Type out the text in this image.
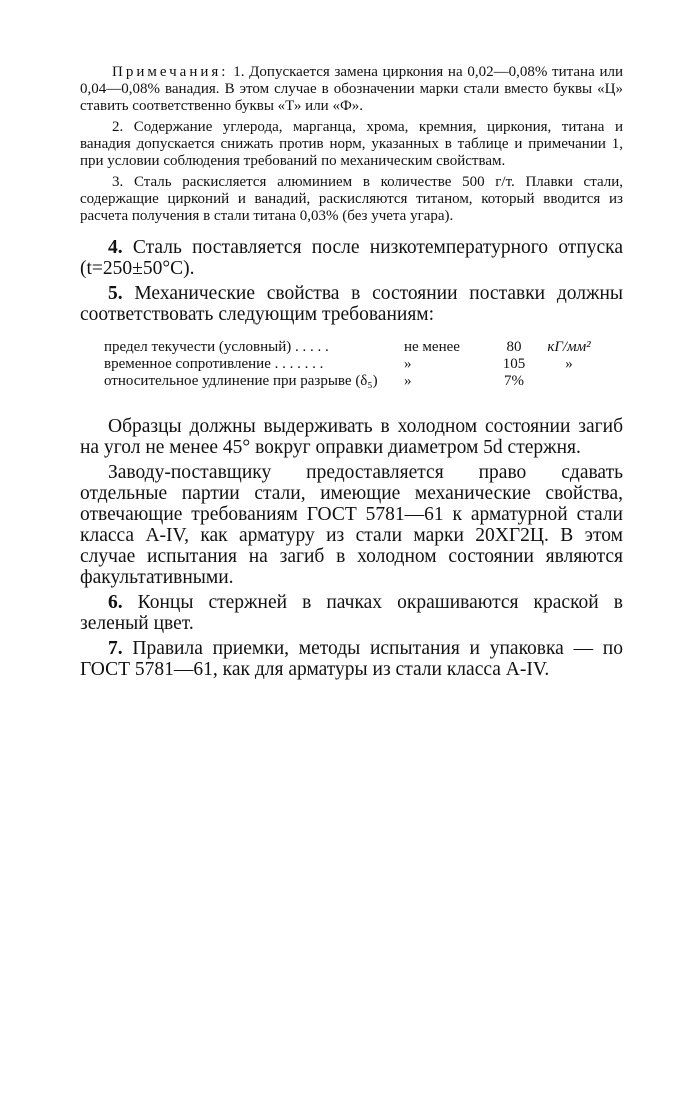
Примечания: 1. Допускается замена циркония на 0,02—0,08% титана или 0,04—0,08% ванадия. В этом случае в обозначении марки стали вместо буквы «Ц» ставить соответственно буквы «Т» или «Ф».

2. Содержание углерода, марганца, хрома, кремния, циркония, титана и ванадия допускается снижать против норм, указанных в таблице и примечании 1, при условии соблюдения требований по механическим свойствам.

3. Сталь раскисляется алюминием в количестве 500 г/т. Плавки стали, содержащие цирконий и ванадий, раскисляются титаном, который вводится из расчета получения в стали титана 0,03% (без учета угара).

4. Сталь поставляется после низкотемпературного отпуска (t=250±50°С).

5. Механические свойства в состоянии поставки должны соответствовать следующим требованиям:

предел текучести (условный) . . . . .	не менее	80	кГ/мм²
временное сопротивление . . . . . . .	»	105	»
относительное удлинение при разрыве (δ₅)	»	7%

Образцы должны выдерживать в холодном состоянии загиб на угол не менее 45° вокруг оправки диаметром 5d стержня.

Заводу-поставщику предоставляется право сдавать отдельные партии стали, имеющие механические свойства, отвечающие требованиям ГОСТ 5781—61 к арматурной стали класса А-IV, как арматуру из стали марки 20ХГ2Ц. В этом случае испытания на загиб в холодном состоянии являются факультативными.

6. Концы стержней в пачках окрашиваются краской в зеленый цвет.

7. Правила приемки, методы испытания и упаковка — по ГОСТ 5781—61, как для арматуры из стали класса А-IV.
